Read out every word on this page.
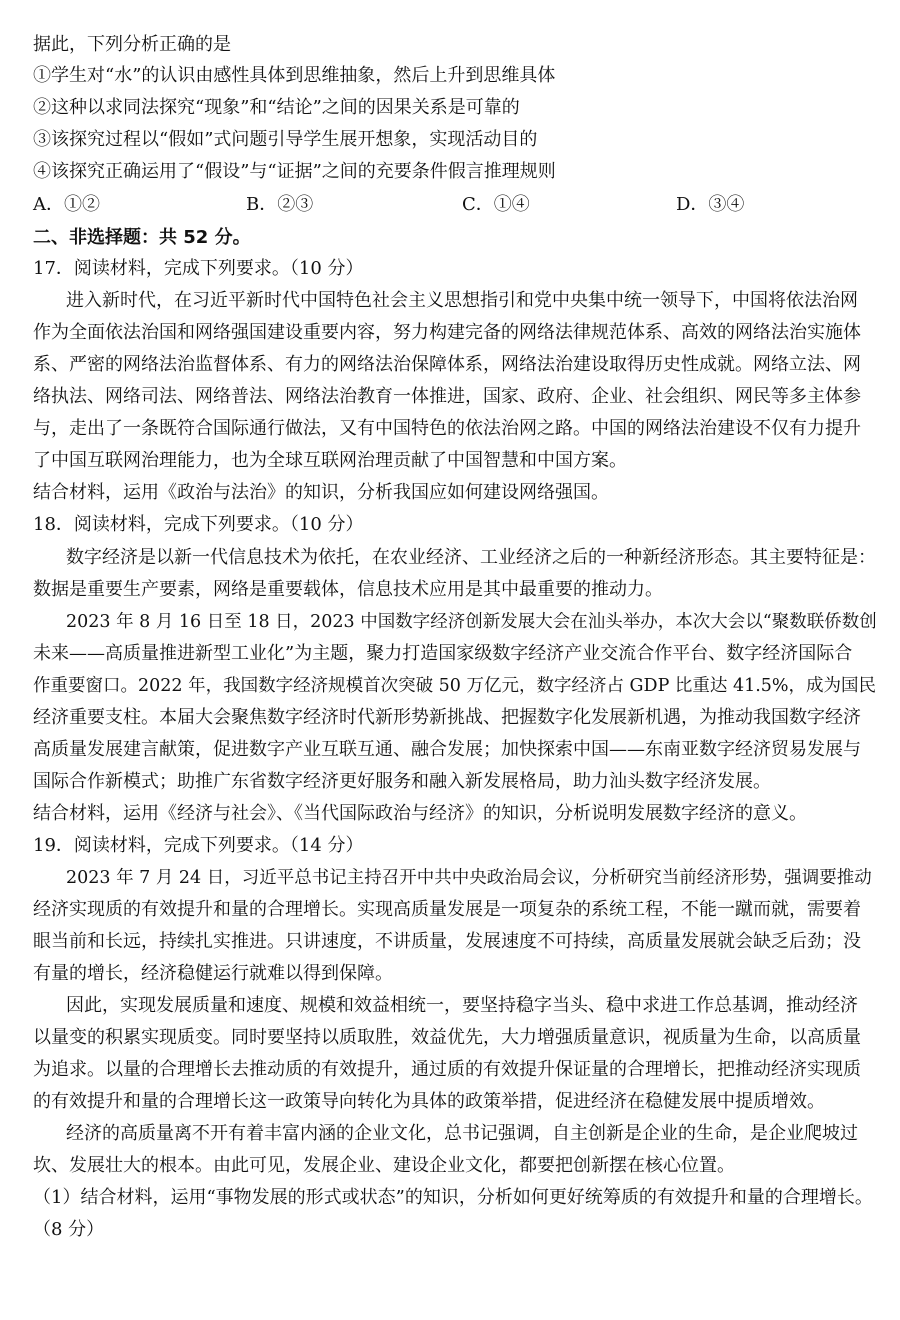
据此，下列分析正确的是
①学生对“水”的认识由感性具体到思维抽象，然后上升到思维具体
②这种以求同法探究“现象”和“结论”之间的因果关系是可靠的
③该探究过程以“假如”式问题引导学生展开想象，实现活动目的
④该探究正确运用了“假设”与“证据”之间的充要条件假言推理规则
A．①②	B．②③	C．①④	D．③④
二、非选择题：共 52 分。
17．阅读材料，完成下列要求。（10 分）
进入新时代，在习近平新时代中国特色社会主义思想指引和党中央集中统一领导下，中国将依法治网
作为全面依法治国和网络强国建设重要内容，努力构建完备的网络法律规范体系、高效的网络法治实施体
系、严密的网络法治监督体系、有力的网络法治保障体系，网络法治建设取得历史性成就。网络立法、网
络执法、网络司法、网络普法、网络法治教育一体推进，国家、政府、企业、社会组织、网民等多主体参
与，走出了一条既符合国际通行做法，又有中国特色的依法治网之路。中国的网络法治建设不仅有力提升
了中国互联网治理能力，也为全球互联网治理贡献了中国智慧和中国方案。
结合材料，运用《政治与法治》的知识，分析我国应如何建设网络强国。
18．阅读材料，完成下列要求。（10 分）
数字经济是以新一代信息技术为依托，在农业经济、工业经济之后的一种新经济形态。其主要特征是：
数据是重要生产要素，网络是重要载体，信息技术应用是其中最重要的推动力。
2023 年 8 月 16 日至 18 日，2023 中国数字经济创新发展大会在汕头举办，本次大会以“聚数联侨数创
未来——高质量推进新型工业化”为主题，聚力打造国家级数字经济产业交流合作平台、数字经济国际合
作重要窗口。2022 年，我国数字经济规模首次突破 50 万亿元，数字经济占 GDP 比重达 41.5%，成为国民
经济重要支柱。本届大会聚焦数字经济时代新形势新挑战、把握数字化发展新机遇，为推动我国数字经济
高质量发展建言献策，促进数字产业互联互通、融合发展；加快探索中国——东南亚数字经济贸易发展与
国际合作新模式；助推广东省数字经济更好服务和融入新发展格局，助力汕头数字经济发展。
结合材料，运用《经济与社会》、《当代国际政治与经济》的知识，分析说明发展数字经济的意义。
19．阅读材料，完成下列要求。（14 分）
2023 年 7 月 24 日，习近平总书记主持召开中共中央政治局会议，分析研究当前经济形势，强调要推动
经济实现质的有效提升和量的合理增长。实现高质量发展是一项复杂的系统工程，不能一蹴而就，需要着
眼当前和长远，持续扎实推进。只讲速度，不讲质量，发展速度不可持续，高质量发展就会缺乏后劲；没
有量的增长，经济稳健运行就难以得到保障。
因此，实现发展质量和速度、规模和效益相统一，要坚持稳字当头、稳中求进工作总基调，推动经济
以量变的积累实现质变。同时要坚持以质取胜，效益优先，大力增强质量意识，视质量为生命，以高质量
为追求。以量的合理增长去推动质的有效提升，通过质的有效提升保证量的合理增长，把推动经济实现质
的有效提升和量的合理增长这一政策导向转化为具体的政策举措，促进经济在稳健发展中提质增效。
经济的高质量离不开有着丰富内涵的企业文化，总书记强调，自主创新是企业的生命，是企业爬坡过
坎、发展壮大的根本。由此可见，发展企业、建设企业文化，都要把创新摆在核心位置。
（1）结合材料，运用“事物发展的形式或状态”的知识，分析如何更好统筹质的有效提升和量的合理增长。
（8 分）
